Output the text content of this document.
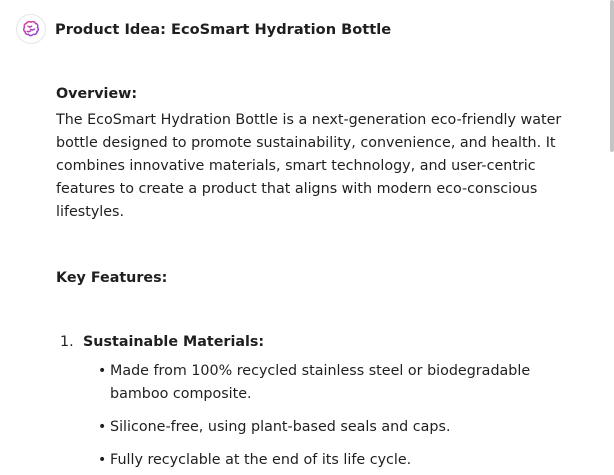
Product Idea: EcoSmart Hydration Bottle

Overview:

The EcoSmart Hydration Bottle is a next-generation eco-friendly water bottle designed to promote sustainability, convenience, and health. It combines innovative materials, smart technology, and user-centric features to create a product that aligns with modern eco-conscious lifestyles.

Key Features:

1. Sustainable Materials:
• Made from 100% recycled stainless steel or biodegradable bamboo composite.
• Silicone-free, using plant-based seals and caps.
• Fully recyclable at the end of its life cycle.
